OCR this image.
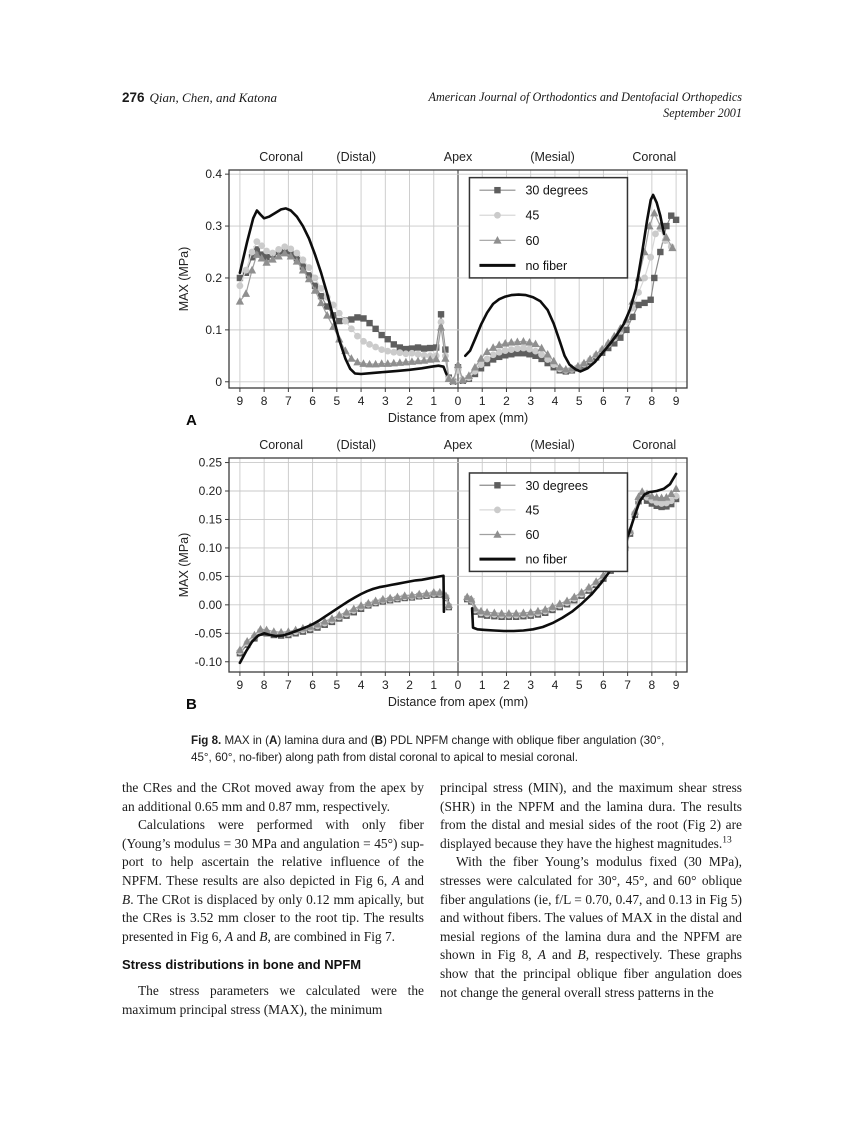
276 Qian, Chen, and Katona	American Journal of Orthodontics and Dentofacial Orthopedics
September 2001
Coronal	(Distal)	Apex	(Mesial)	Coronal
9 8 7 6 5 4 3 2 1 0 1 2 3 4 5 6 7 8 9
0
0.1
0.2
0.3
0.4
MAX (MPa)
Distance from apex (mm)
30 degrees
45
60
no fiber
A
Coronal	(Distal)	Apex	(Mesial)	Coronal
9 8 7 6 5 4 3 2 1 0 1 2 3 4 5 6 7 8 9
-0.10
-0.05
0.00
0.05
0.10
0.15
0.20
0.25
MAX (MPa)
Distance from apex (mm)
30 degrees
45
60
no fiber
B
Fig 8. MAX in (A) lamina dura and (B) PDL NPFM change with oblique fiber angulation (30°, 45°, 60°, no-fiber) along path from distal coronal to apical to mesial coronal.

the CRes and the CRot moved away from the apex by an additional 0.65 mm and 0.87 mm, respectively.

Calculations were performed with only fiber (Young’s modulus = 30 MPa and angulation = 45°) support to help ascertain the relative influence of the NPFM. These results are also depicted in Fig 6, A and B. The CRot is displaced by only 0.12 mm apically, but the CRes is 3.52 mm closer to the root tip. The results presented in Fig 6, A and B, are combined in Fig 7.

Stress distributions in bone and NPFM

The stress parameters we calculated were the maximum principal stress (MAX), the minimum

principal stress (MIN), and the maximum shear stress (SHR) in the NPFM and the lamina dura. The results from the distal and mesial sides of the root (Fig 2) are displayed because they have the highest magnitudes.$^{13}$

With the fiber Young’s modulus fixed (30 MPa), stresses were calculated for 30°, 45°, and 60° oblique fiber angulations (ie, f/L = 0.70, 0.47, and 0.13 in Fig 5) and without fibers. The values of MAX in the distal and mesial regions of the lamina dura and the NPFM are shown in Fig 8, A and B, respectively. These graphs show that the principal oblique fiber angulation does not change the general overall stress patterns in the
